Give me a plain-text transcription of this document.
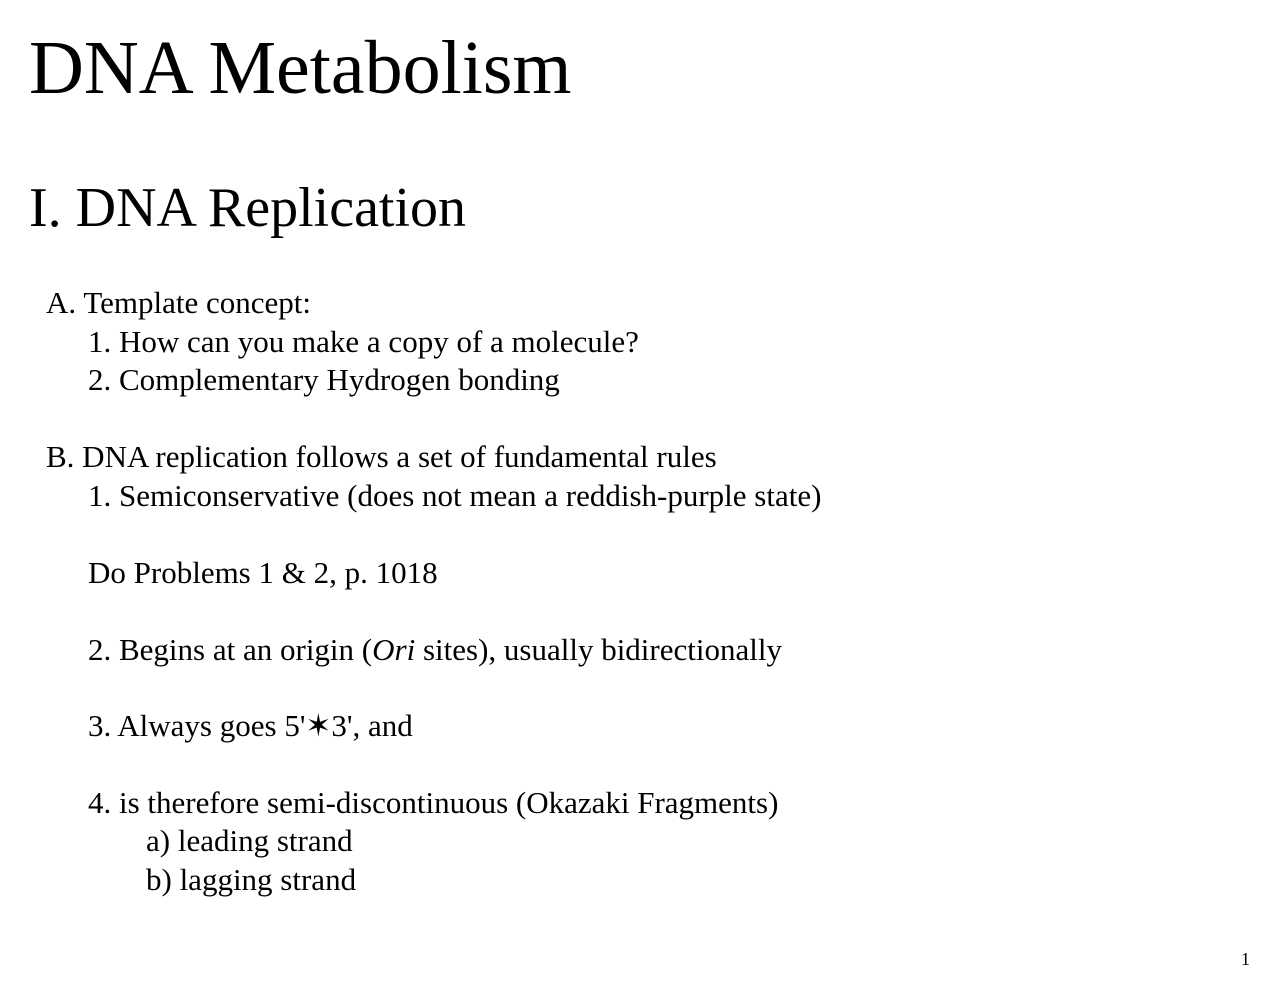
DNA Metabolism
I. DNA Replication
A. Template concept:
1. How can you make a copy of a molecule?
2. Complementary Hydrogen bonding
B. DNA replication follows a set of fundamental rules
1. Semiconservative (does not mean a reddish-purple state)
Do Problems 1 & 2, p. 1018
2. Begins at an origin (Ori sites), usually bidirectionally
3. Always goes 5'✶3', and
4. is therefore semi-discontinuous (Okazaki Fragments)
a) leading strand
b) lagging strand
1
